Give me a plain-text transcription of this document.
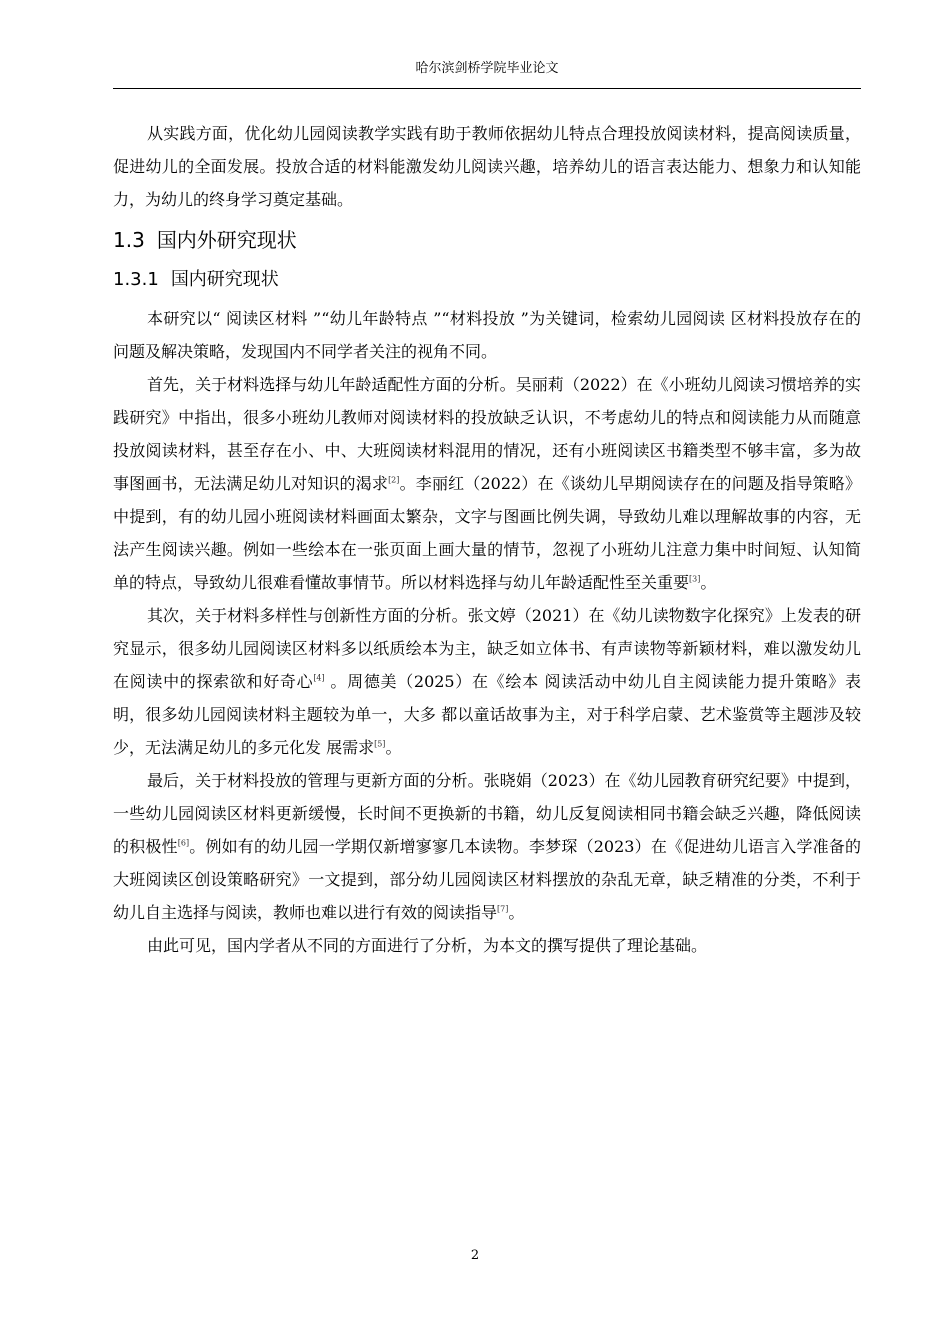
哈尔滨剑桥学院毕业论文

从实践方面，优化幼儿园阅读教学实践有助于教师依据幼儿特点合理投放阅读材料，提高阅读质量，促进幼儿的全面发展。投放合适的材料能激发幼儿阅读兴趣，培养幼儿的语言表达能力、想象力和认知能力，为幼儿的终身学习奠定基础。

1.3 国内外研究现状
1.3.1 国内研究现状

本研究以“ 阅读区材料 ”“幼儿年龄特点 ”“材料投放 ”为关键词，检索幼儿园阅读 区材料投放存在的问题及解决策略，发现国内不同学者关注的视角不同。

首先，关于材料选择与幼儿年龄适配性方面的分析。吴丽莉（2022）在《小班幼儿阅读习惯培养的实践研究》中指出，很多小班幼儿教师对阅读材料的投放缺乏认识，不考虑幼儿的特点和阅读能力从而随意投放阅读材料，甚至存在小、中、大班阅读材料混用的情况，还有小班阅读区书籍类型不够丰富，多为故事图画书，无法满足幼儿对知识的渴求[2]。李丽红（2022）在《谈幼儿早期阅读存在的问题及指导策略》中提到，有的幼儿园小班阅读材料画面太繁杂，文字与图画比例失调，导致幼儿难以理解故事的内容，无法产生阅读兴趣。例如一些绘本在一张页面上画大量的情节，忽视了小班幼儿注意力集中时间短、认知简单的特点，导致幼儿很难看懂故事情节。所以材料选择与幼儿年龄适配性至关重要[3]。

其次，关于材料多样性与创新性方面的分析。张文婷（2021）在《幼儿读物数字化探究》上发表的研究显示，很多幼儿园阅读区材料多以纸质绘本为主，缺乏如立体书、有声读物等新颖材料，难以激发幼儿在阅读中的探索欲和好奇心[4] 。周德美（2025）在《绘本 阅读活动中幼儿自主阅读能力提升策略》表明，很多幼儿园阅读材料主题较为单一，大多 都以童话故事为主，对于科学启蒙、艺术鉴赏等主题涉及较少，无法满足幼儿的多元化发 展需求[5]。

最后，关于材料投放的管理与更新方面的分析。张晓娟（2023）在《幼儿园教育研究纪要》中提到，一些幼儿园阅读区材料更新缓慢，长时间不更换新的书籍，幼儿反复阅读相同书籍会缺乏兴趣，降低阅读的积极性[6]。例如有的幼儿园一学期仅新增寥寥几本读物。李梦琛（2023）在《促进幼儿语言入学准备的大班阅读区创设策略研究》一文提到，部分幼儿园阅读区材料摆放的杂乱无章，缺乏精准的分类，不利于幼儿自主选择与阅读，教师也难以进行有效的阅读指导[7]。

由此可见，国内学者从不同的方面进行了分析，为本文的撰写提供了理论基础。

2
